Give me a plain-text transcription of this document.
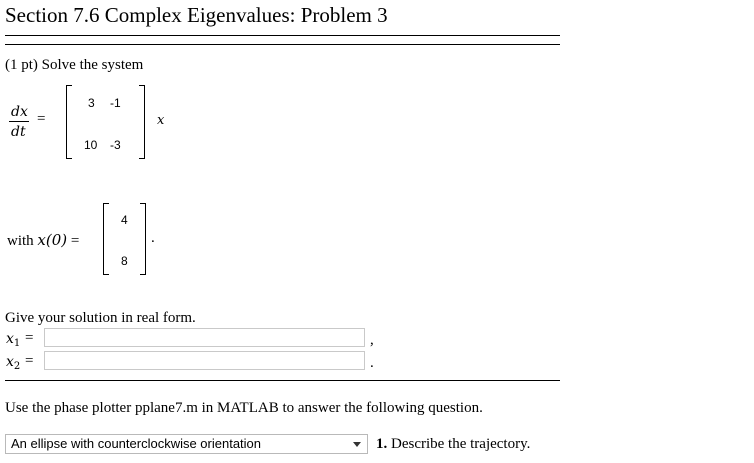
Section 7.6 Complex Eigenvalues: Problem 3
(1 pt) Solve the system
dx
dt
=
3 -1
10 -3
x
with x(0) =
4
8
.
Give your solution in real form.
$x_1$ =	,
$x_2$ =	.
Use the phase plotter pplane7.m in MATLAB to answer the following question.
An ellipse with counterclockwise orientation	1. Describe the trajectory.
